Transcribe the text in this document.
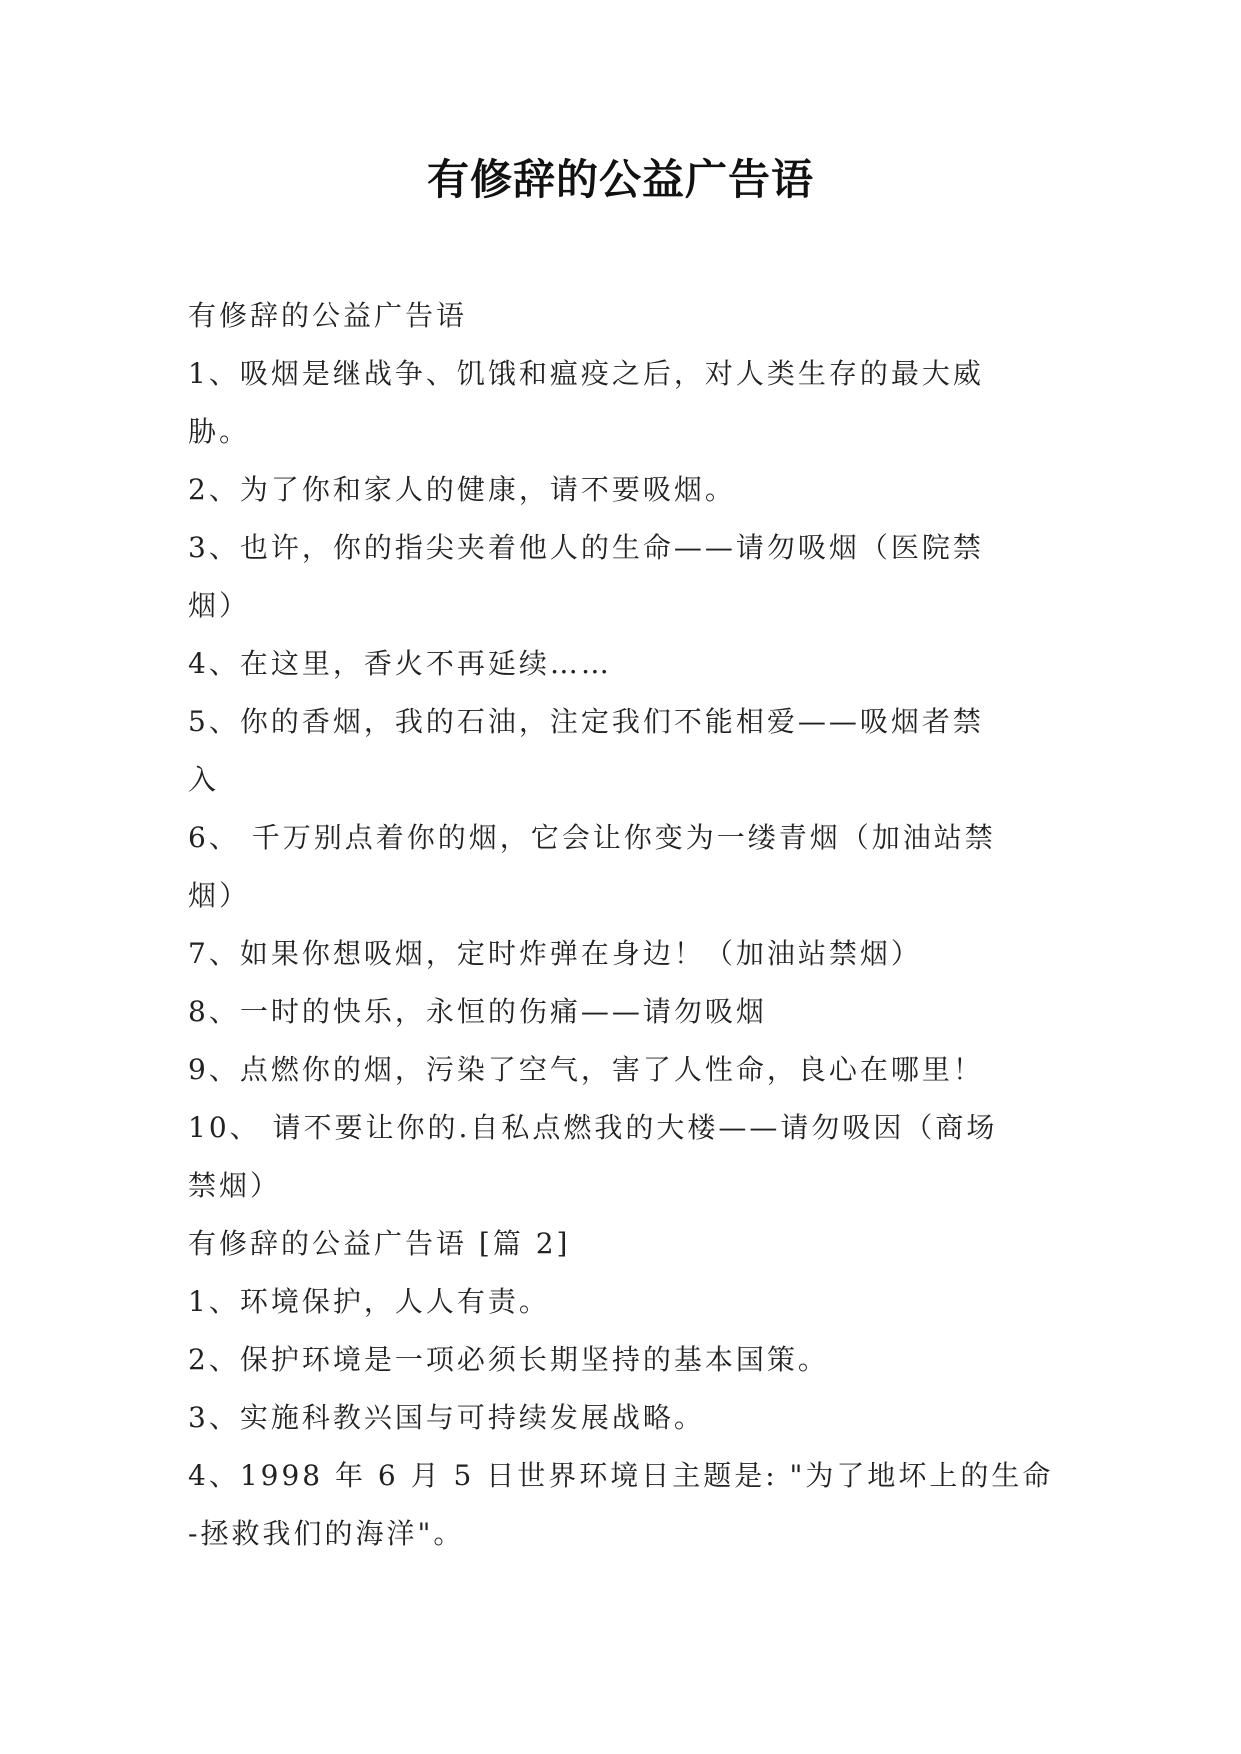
有修辞的公益广告语
有修辞的公益广告语
1、吸烟是继战争、饥饿和瘟疫之后，对人类生存的最大威
胁。
2、为了你和家人的健康，请不要吸烟。
3、也许，你的指尖夹着他人的生命——请勿吸烟（医院禁
烟）
4、在这里，香火不再延续……
5、你的香烟，我的石油，注定我们不能相爱——吸烟者禁
入
6、 千万别点着你的烟，它会让你变为一缕青烟（加油站禁
烟）
7、如果你想吸烟，定时炸弹在身边！（加油站禁烟）
8、一时的快乐，永恒的伤痛——请勿吸烟
9、点燃你的烟，污染了空气，害了人性命，良心在哪里！
10、 请不要让你的.自私点燃我的大楼——请勿吸因（商场
禁烟）
有修辞的公益广告语 [篇 2]
1、环境保护，人人有责。
2、保护环境是一项必须长期坚持的基本国策。
3、实施科教兴国与可持续发展战略。
4、1998 年 6 月 5 日世界环境日主题是: "为了地坏上的生命
-拯救我们的海洋"。
